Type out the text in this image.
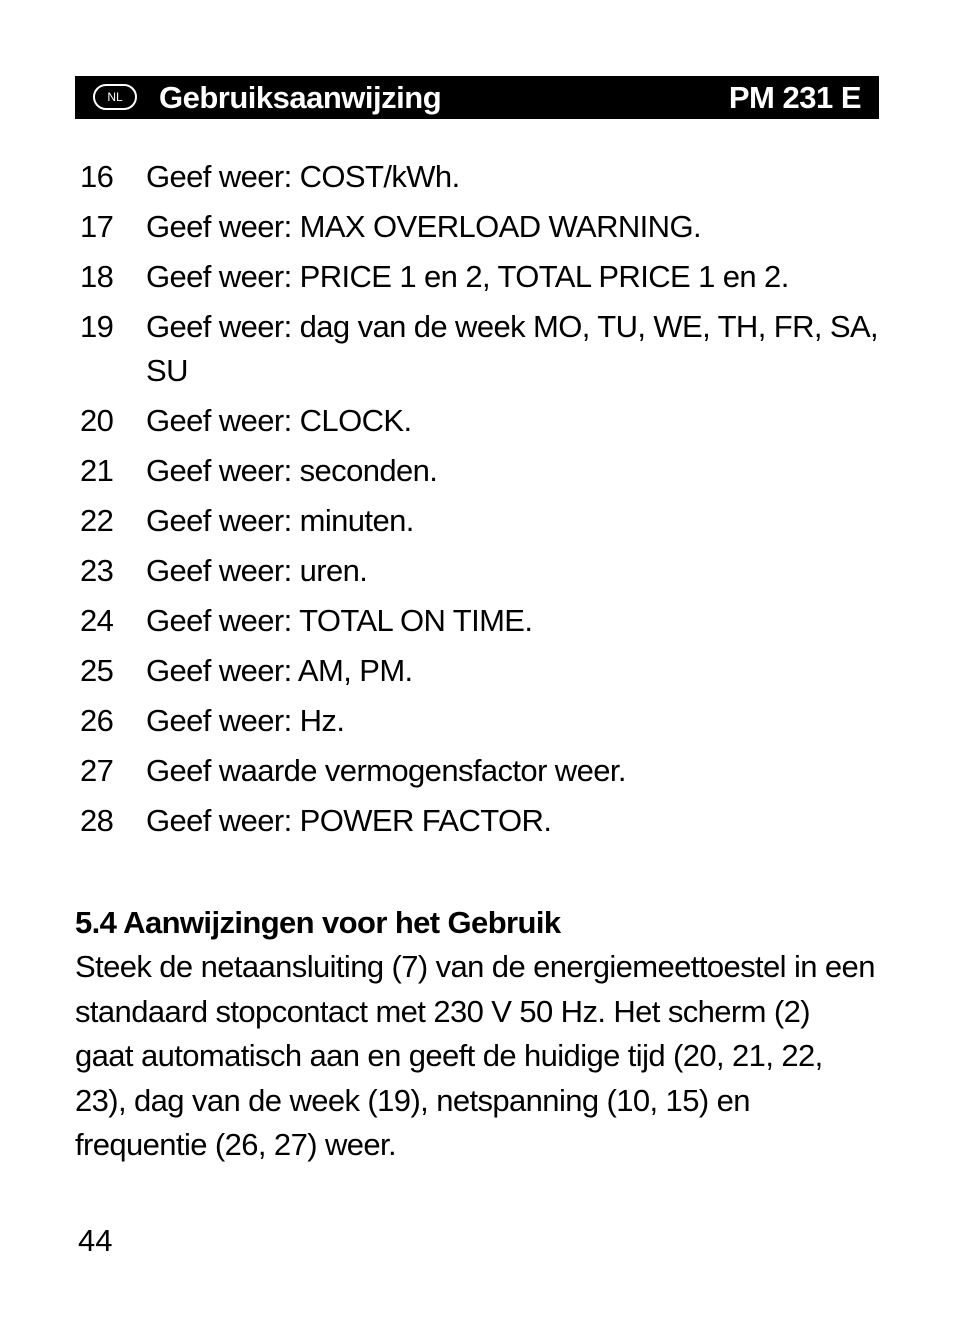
NL	Gebruiksaanwijzing	PM 231 E
16	Geef weer: COST/kWh.
17	Geef weer: MAX OVERLOAD WARNING.
18	Geef weer: PRICE 1 en 2, TOTAL PRICE 1 en 2.
19	Geef weer: dag van de week MO, TU, WE, TH, FR, SA, SU
20	Geef weer: CLOCK.
21	Geef weer: seconden.
22	Geef weer: minuten.
23	Geef weer: uren.
24	Geef weer: TOTAL ON TIME.
25	Geef weer: AM, PM.
26	Geef weer: Hz.
27	Geef waarde vermogensfactor weer.
28	Geef weer: POWER FACTOR.
5.4 Aanwijzingen voor het Gebruik

Steek de netaansluiting (7) van de energiemeettoestel in een standaard stopcontact met 230 V 50 Hz. Het scherm (2) gaat automatisch aan en geeft de huidige tijd (20, 21, 22, 23), dag van de week (19), netspanning (10, 15) en frequentie (26, 27) weer.

44
